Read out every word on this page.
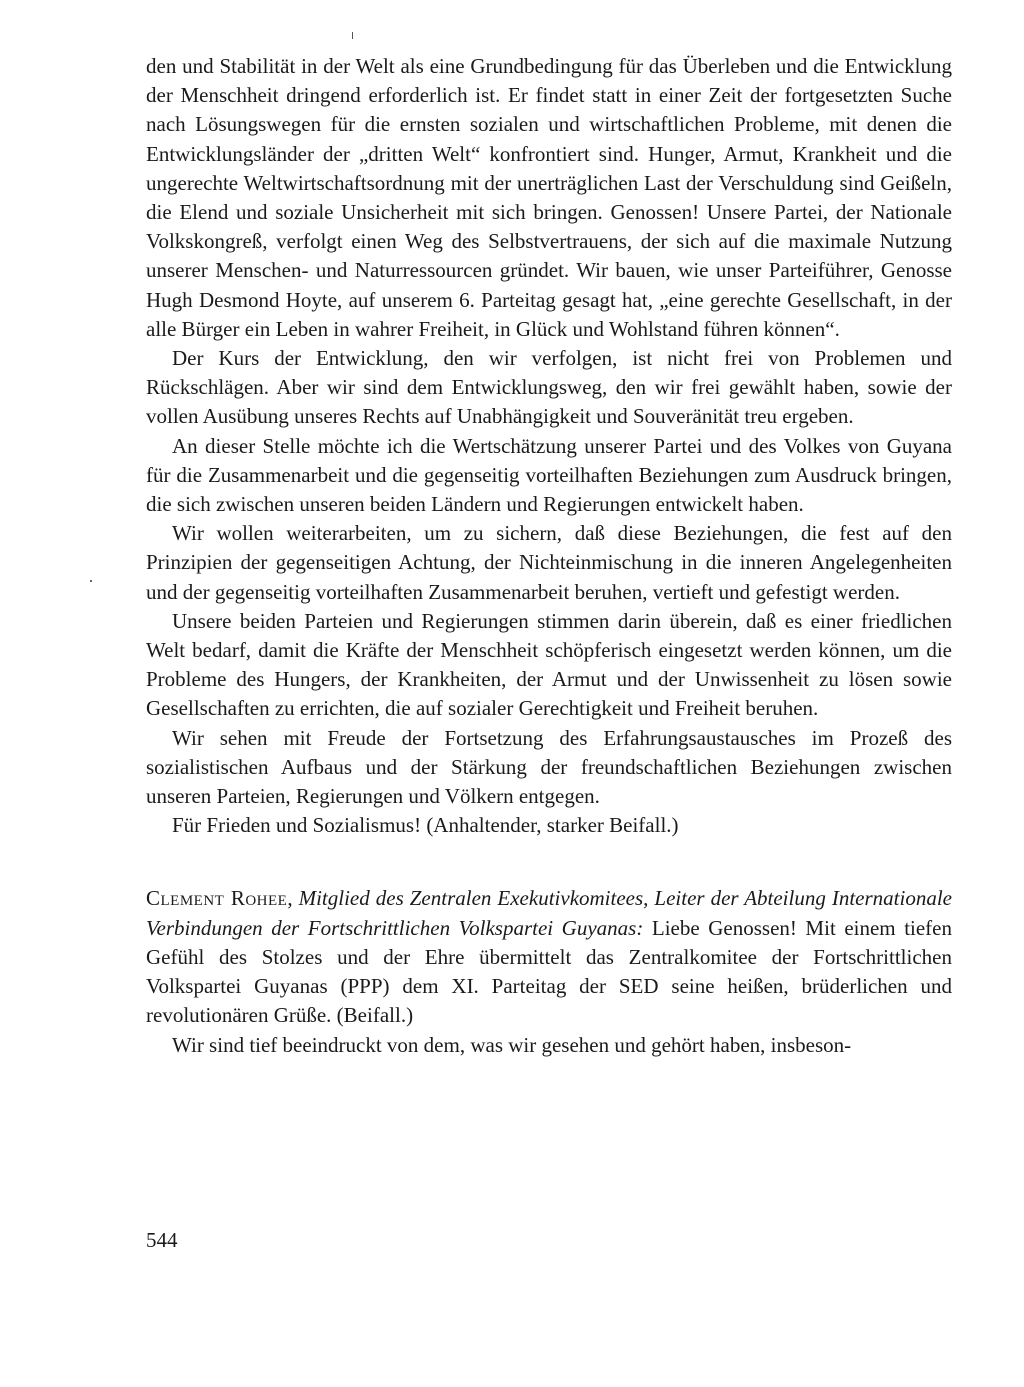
den und Stabilität in der Welt als eine Grundbedingung für das Überleben und die Entwicklung der Menschheit dringend erforderlich ist. Er findet statt in einer Zeit der fortgesetzten Suche nach Lösungswegen für die ernsten sozialen und wirtschaftlichen Probleme, mit denen die Entwicklungsländer der „dritten Welt“ konfrontiert sind. Hunger, Armut, Krankheit und die ungerechte Weltwirtschaftsordnung mit der unerträglichen Last der Verschuldung sind Geißeln, die Elend und soziale Unsicherheit mit sich bringen. Genossen! Unsere Partei, der Nationale Volkskongreß, verfolgt einen Weg des Selbstvertrauens, der sich auf die maximale Nutzung unserer Menschen- und Naturressourcen gründet. Wir bauen, wie unser Parteiführer, Genosse Hugh Desmond Hoyte, auf unserem 6. Parteitag gesagt hat, „eine gerechte Gesellschaft, in der alle Bürger ein Leben in wahrer Freiheit, in Glück und Wohlstand führen können“.

Der Kurs der Entwicklung, den wir verfolgen, ist nicht frei von Problemen und Rückschlägen. Aber wir sind dem Entwicklungsweg, den wir frei gewählt haben, sowie der vollen Ausübung unseres Rechts auf Unabhängigkeit und Souveränität treu ergeben.

An dieser Stelle möchte ich die Wertschätzung unserer Partei und des Volkes von Guyana für die Zusammenarbeit und die gegenseitig vorteilhaften Beziehungen zum Ausdruck bringen, die sich zwischen unseren beiden Ländern und Regierungen entwickelt haben.

Wir wollen weiterarbeiten, um zu sichern, daß diese Beziehungen, die fest auf den Prinzipien der gegenseitigen Achtung, der Nichteinmischung in die inneren Angelegenheiten und der gegenseitig vorteilhaften Zusammenarbeit beruhen, vertieft und gefestigt werden.

Unsere beiden Parteien und Regierungen stimmen darin überein, daß es einer friedlichen Welt bedarf, damit die Kräfte der Menschheit schöpferisch eingesetzt werden können, um die Probleme des Hungers, der Krankheiten, der Armut und der Unwissenheit zu lösen sowie Gesellschaften zu errichten, die auf sozialer Gerechtigkeit und Freiheit beruhen.

Wir sehen mit Freude der Fortsetzung des Erfahrungsaustausches im Prozeß des sozialistischen Aufbaus und der Stärkung der freundschaftlichen Beziehungen zwischen unseren Parteien, Regierungen und Völkern entgegen.

Für Frieden und Sozialismus! (Anhaltender, starker Beifall.)

Clement Rohee, Mitglied des Zentralen Exekutivkomitees, Leiter der Abteilung Internationale Verbindungen der Fortschrittlichen Volkspartei Guyanas: Liebe Genossen! Mit einem tiefen Gefühl des Stolzes und der Ehre übermittelt das Zentralkomitee der Fortschrittlichen Volkspartei Guyanas (PPP) dem XI. Parteitag der SED seine heißen, brüderlichen und revolutionären Grüße. (Beifall.)

Wir sind tief beeindruckt von dem, was wir gesehen und gehört haben, insbeson-

544
